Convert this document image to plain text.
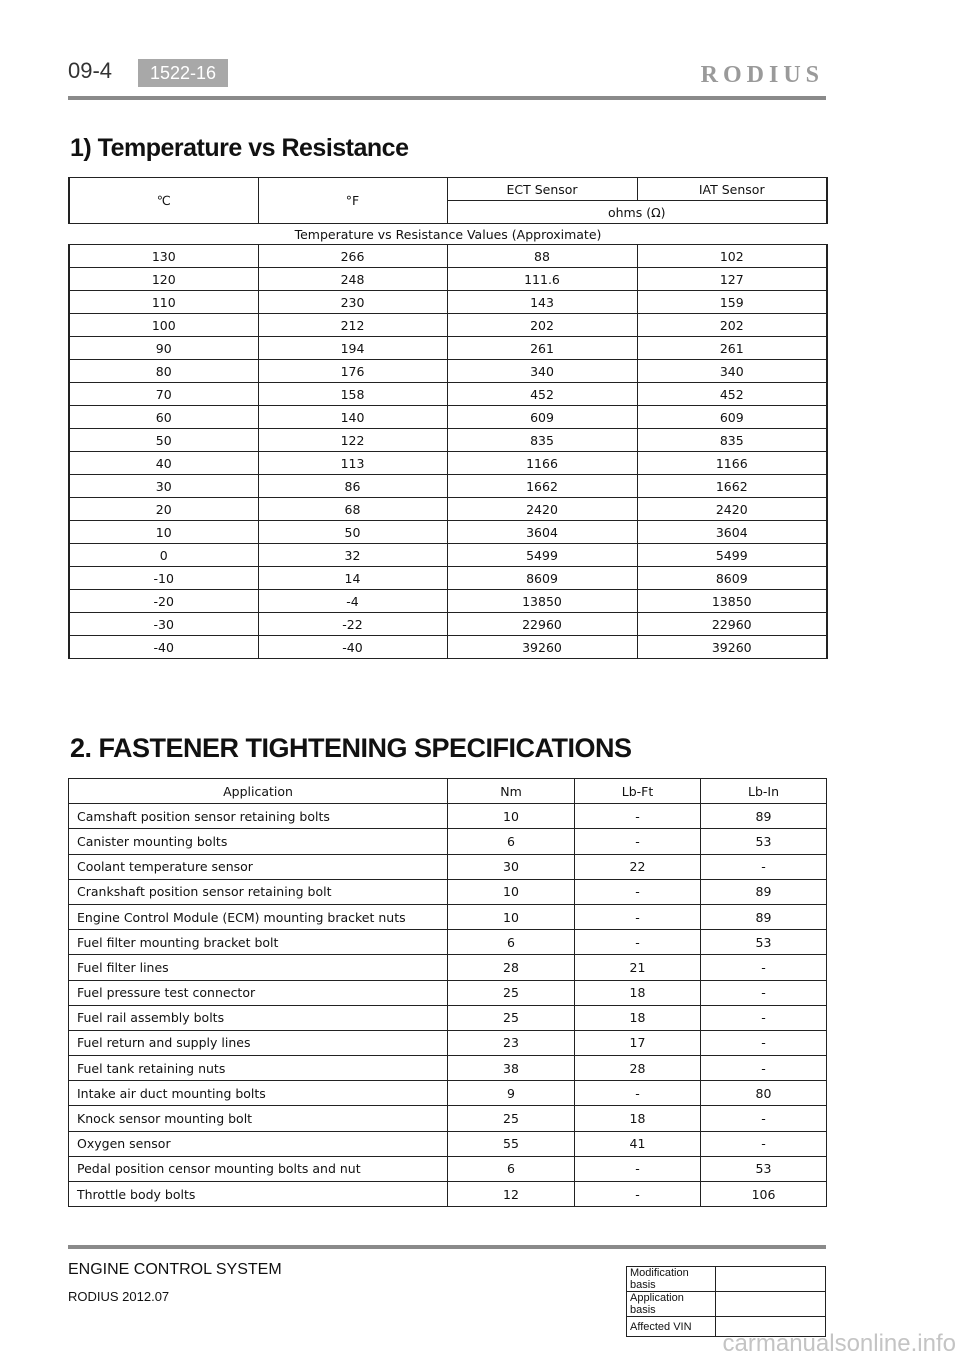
09-4	1522-16	RODIUS
1) Temperature vs Resistance
℃	°F	ECT Sensor	IAT Sensor
		ohms (Ω)	
Temperature vs Resistance Values (Approximate)			
130	266	88	102
120	248	111.6	127
110	230	143	159
100	212	202	202
90	194	261	261
80	176	340	340
70	158	452	452
60	140	609	609
50	122	835	835
40	113	1166	1166
30	86	1662	1662
20	68	2420	2420
10	50	3604	3604
0	32	5499	5499
-10	14	8609	8609
-20	-4	13850	13850
-30	-22	22960	22960
-40	-40	39260	39260
2. FASTENER TIGHTENING SPECIFICATIONS
Application	Nm	Lb-Ft	Lb-In
Camshaft position sensor retaining bolts	10	-	89
Canister mounting bolts	6	-	53
Coolant temperature sensor	30	22	-
Crankshaft position sensor retaining bolt	10	-	89
Engine Control Module (ECM) mounting bracket nuts	10	-	89
Fuel filter mounting bracket bolt	6	-	53
Fuel filter lines	28	21	-
Fuel pressure test connector	25	18	-
Fuel rail assembly bolts	25	18	-
Fuel return and supply lines	23	17	-
Fuel tank retaining nuts	38	28	-
Intake air duct mounting bolts	9	-	80
Knock sensor mounting bolt	25	18	-
Oxygen sensor	55	41	-
Pedal position censor mounting bolts and nut	6	-	53
Throttle body bolts	12	-	106
ENGINE CONTROL SYSTEM
RODIUS 2012.07
Modification basis	
Application basis	
Affected VIN	
carmanualsonline.info
